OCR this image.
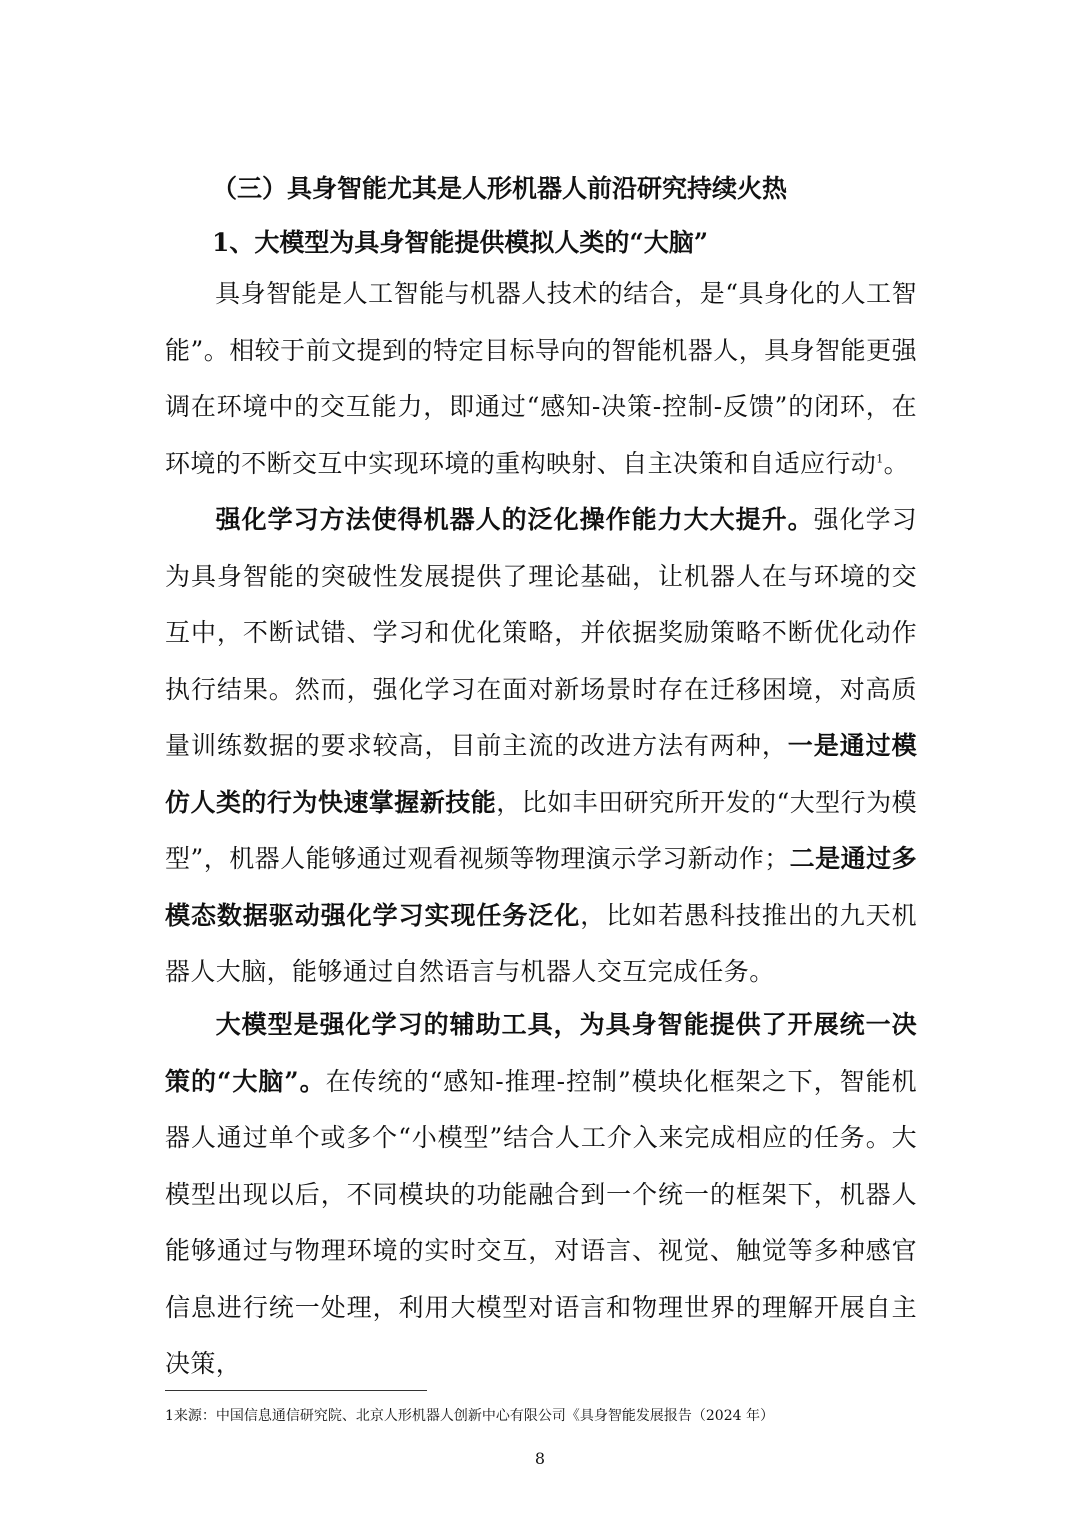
（三）具身智能尤其是人形机器人前沿研究持续火热
1、大模型为具身智能提供模拟人类的“大脑”
具身智能是人工智能与机器人技术的结合，是“具身化的人工智能”。相较于前文提到的特定目标导向的智能机器人，具身智能更强调在环境中的交互能力，即通过“感知-决策-控制-反馈”的闭环，在环境的不断交互中实现环境的重构映射、自主决策和自适应行动$^1$。
强化学习方法使得机器人的泛化操作能力大大提升。强化学习为具身智能的突破性发展提供了理论基础，让机器人在与环境的交互中，不断试错、学习和优化策略，并依据奖励策略不断优化动作执行结果。然而，强化学习在面对新场景时存在迁移困境，对高质量训练数据的要求较高，目前主流的改进方法有两种，一是通过模仿人类的行为快速掌握新技能，比如丰田研究所开发的“大型行为模型”，机器人能够通过观看视频等物理演示学习新动作；二是通过多模态数据驱动强化学习实现任务泛化，比如若愚科技推出的九天机器人大脑，能够通过自然语言与机器人交互完成任务。
大模型是强化学习的辅助工具，为具身智能提供了开展统一决策的“大脑”。在传统的“感知-推理-控制”模块化框架之下，智能机器人通过单个或多个“小模型”结合人工介入来完成相应的任务。大模型出现以后，不同模块的功能融合到一个统一的框架下，机器人能够通过与物理环境的实时交互，对语言、视觉、触觉等多种感官信息进行统一处理，利用大模型对语言和物理世界的理解开展自主决策，
1来源：中国信息通信研究院、北京人形机器人创新中心有限公司《具身智能发展报告（2024 年）
8
